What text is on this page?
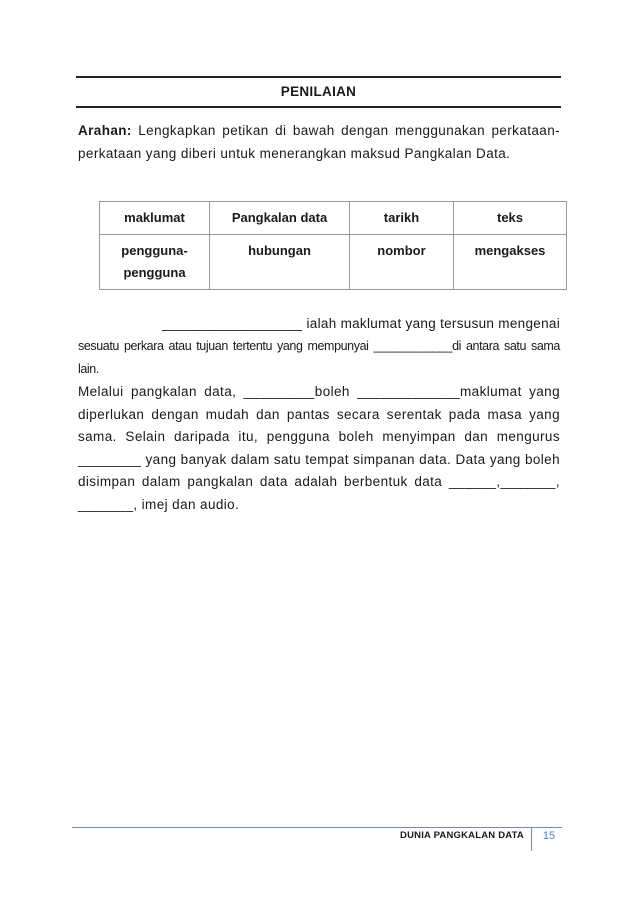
PENILAIAN
Arahan: Lengkapkan petikan di bawah dengan menggunakan perkataan-perkataan yang diberi untuk menerangkan maksud Pangkalan Data.
maklumat	Pangkalan data	tarikh	teks
pengguna-pengguna	hubungan	nombor	mengakses
__________________ ialah maklumat yang tersusun mengenai
sesuatu perkara atau tujuan tertentu yang mempunyai ____________di antara satu sama lain.
Melalui pangkalan data, _________boleh _____________maklumat yang diperlukan dengan mudah dan pantas secara serentak pada masa yang sama. Selain daripada itu, pengguna boleh menyimpan dan mengurus ________ yang banyak dalam satu tempat simpanan data. Data yang boleh disimpan dalam pangkalan data adalah berbentuk data ______,_______, _______, imej dan audio.
DUNIA PANGKALAN DATA	15
